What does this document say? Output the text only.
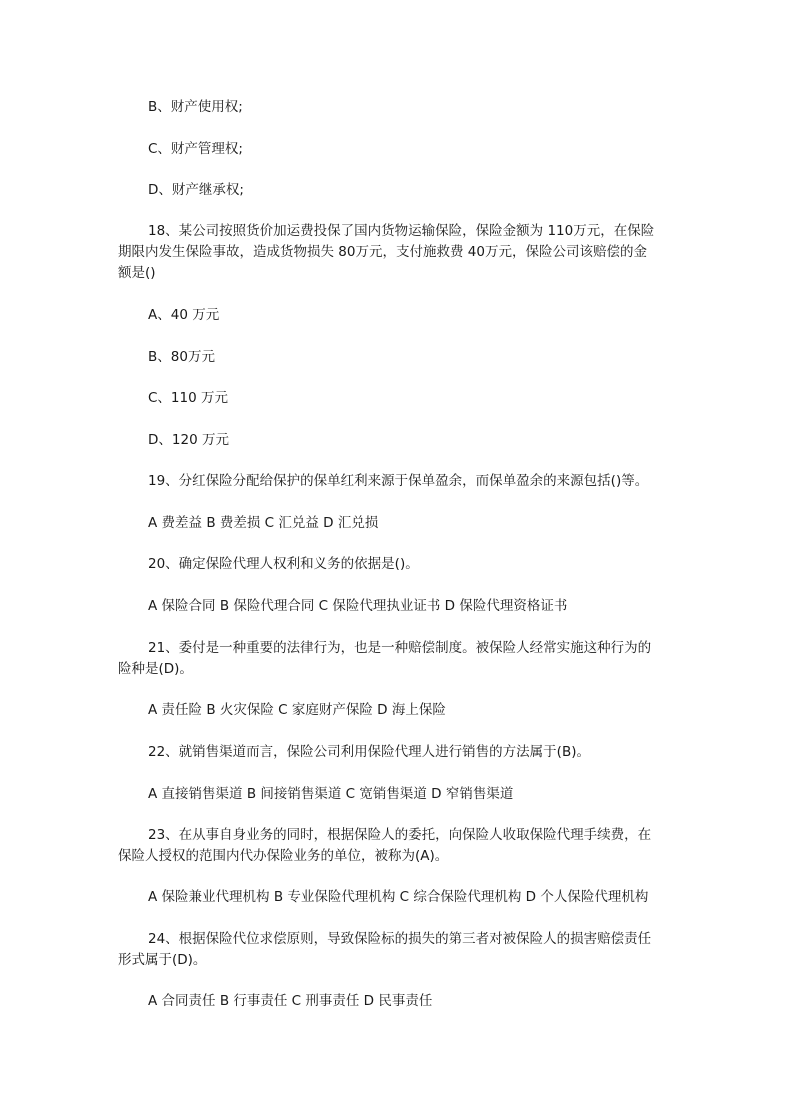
B、财产使用权;
C、财产管理权;
D、财产继承权;
18、某公司按照货价加运费投保了国内货物运输保险，保险金额为 110万元，在保险
期限内发生保险事故，造成货物损失 80万元，支付施救费 40万元，保险公司该赔偿的金
额是()
A、40 万元
B、80万元
C、110 万元
D、120 万元
19、分红保险分配给保护的保单红利来源于保单盈余，而保单盈余的来源包括()等。
A 费差益 B 费差损 C 汇兑益 D 汇兑损
20、确定保险代理人权利和义务的依据是()。
A 保险合同 B 保险代理合同 C 保险代理执业证书 D 保险代理资格证书
21、委付是一种重要的法律行为，也是一种赔偿制度。被保险人经常实施这种行为的
险种是(D)。
A 责任险 B 火灾保险 C 家庭财产保险 D 海上保险
22、就销售渠道而言，保险公司利用保险代理人进行销售的方法属于(B)。
A 直接销售渠道 B 间接销售渠道 C 宽销售渠道 D 窄销售渠道
23、在从事自身业务的同时，根据保险人的委托，向保险人收取保险代理手续费，在
保险人授权的范围内代办保险业务的单位，被称为(A)。
A 保险兼业代理机构 B 专业保险代理机构 C 综合保险代理机构 D 个人保险代理机构
24、根据保险代位求偿原则，导致保险标的损失的第三者对被保险人的损害赔偿责任
形式属于(D)。
A 合同责任 B 行事责任 C 刑事责任 D 民事责任
